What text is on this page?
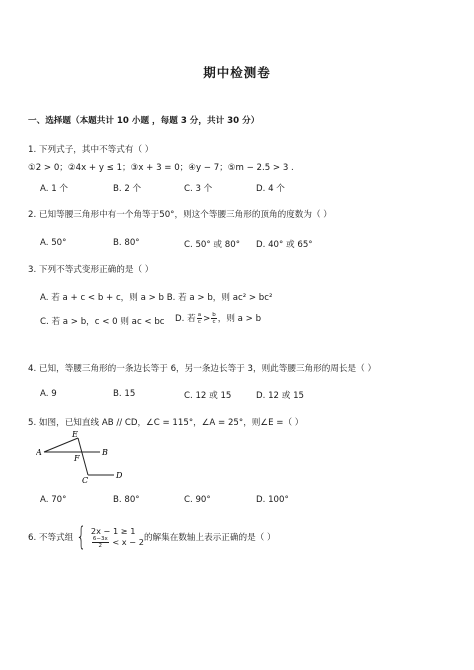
期中检测卷
一、选择题（本题共计 10 小题 ，每题 3 分，共计 30 分）
1. 下列式子，其中不等式有（ ）
①2 > 0；②4x + y ≤ 1；③x + 3 = 0；④y − 7；⑤m − 2.5 > 3 .
A. 1 个	B. 2 个	C. 3 个	D. 4 个
2. 已知等腰三角形中有一个角等于50°，则这个等腰三角形的顶角的度数为（ ）
A. 50°	B. 80°	C. 50° 或 80° D. 40° 或 65°
3. 下列不等式变形正确的是（ ）
A. 若 a + c < b + c，则 a > b B. 若 a > b，则 ac² > bc²
C. 若 a > b，c < 0 则 ac < bc D. 若 $\frac{a}{c} > \frac{b}{c}$ ，则 a > b
4. 已知，等腰三角形的一条边长等于 6，另一条边长等于 3，则此等腰三角形的周长是（ ）
A. 9	B. 15	C. 12 或 15	D. 12 或 15
5. 如图，已知直线 AB // CD，∠C = 115°，∠A = 25°，则∠E =（ ）
E
A
F
B
C
D
A. 70°	B. 80°	C. 90°	D. 100°
6. 不等式组 { 2x − 1 ≥ 1
$\frac{6-3x}{2} < x - 2$ 的解集在数轴上表示正确的是（ ）
